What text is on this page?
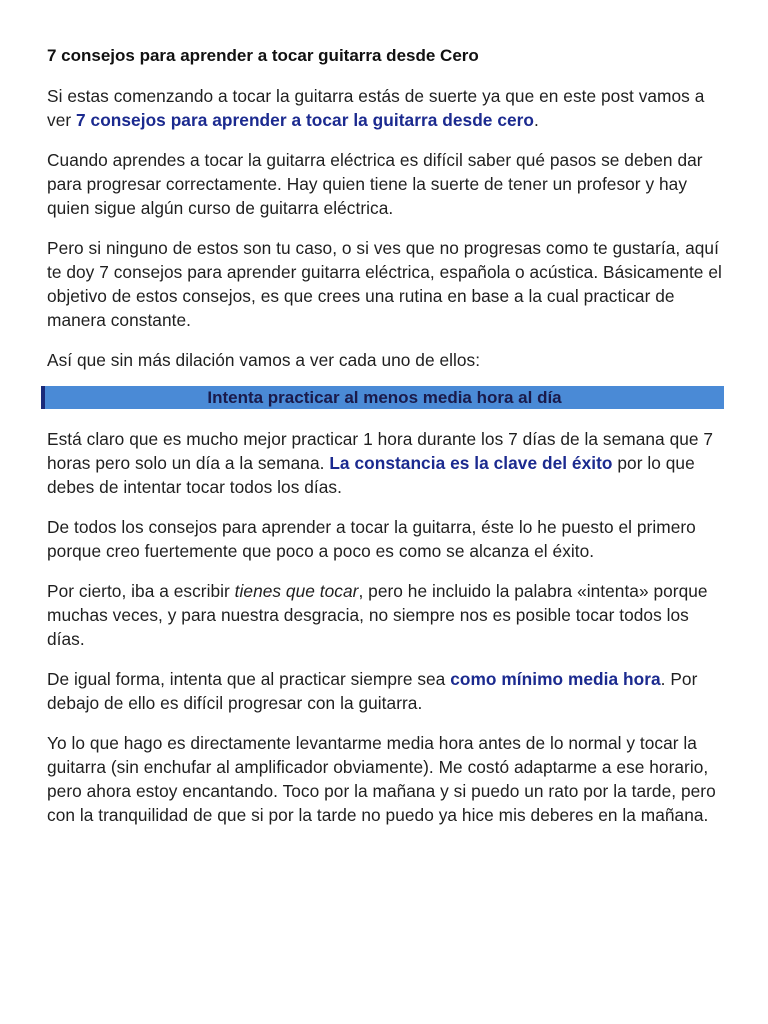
7 consejos para aprender a tocar guitarra desde Cero

Si estas comenzando a tocar la guitarra estás de suerte ya que en este post vamos a ver 7 consejos para aprender a tocar la guitarra desde cero.

Cuando aprendes a tocar la guitarra eléctrica es difícil saber qué pasos se deben dar para progresar correctamente. Hay quien tiene la suerte de tener un profesor y hay quien sigue algún curso de guitarra eléctrica.

Pero si ninguno de estos son tu caso, o si ves que no progresas como te gustaría, aquí te doy 7 consejos para aprender guitarra eléctrica, española o acústica. Básicamente el objetivo de estos consejos, es que crees una rutina en base a la cual practicar de manera constante.

Así que sin más dilación vamos a ver cada uno de ellos:

Intenta practicar al menos media hora al día

Está claro que es mucho mejor practicar 1 hora durante los 7 días de la semana que 7 horas pero solo un día a la semana. La constancia es la clave del éxito por lo que debes de intentar tocar todos los días.

De todos los consejos para aprender a tocar la guitarra, éste lo he puesto el primero porque creo fuertemente que poco a poco es como se alcanza el éxito.

Por cierto, iba a escribir tienes que tocar, pero he incluido la palabra «intenta» porque muchas veces, y para nuestra desgracia, no siempre nos es posible tocar todos los días.

De igual forma, intenta que al practicar siempre sea como mínimo media hora. Por debajo de ello es difícil progresar con la guitarra.

Yo lo que hago es directamente levantarme media hora antes de lo normal y tocar la guitarra (sin enchufar al amplificador obviamente). Me costó adaptarme a ese horario, pero ahora estoy encantando. Toco por la mañana y si puedo un rato por la tarde, pero con la tranquilidad de que si por la tarde no puedo ya hice mis deberes en la mañana.
